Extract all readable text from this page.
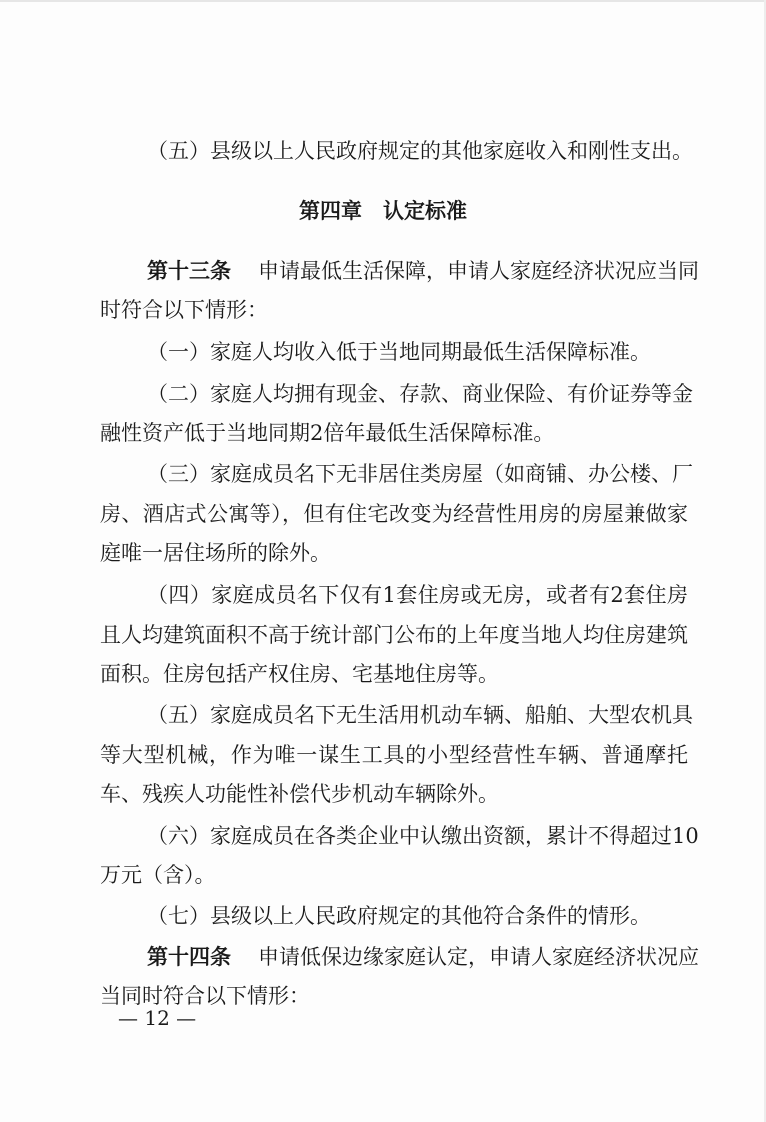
（五）县级以上人民政府规定的其他家庭收入和刚性支出。
第四章　认定标准
第十三条 申请最低生活保障，申请人家庭经济状况应当同
时符合以下情形：
（一）家庭人均收入低于当地同期最低生活保障标准。
（二）家庭人均拥有现金、存款、商业保险、有价证券等金
融性资产低于当地同期2倍年最低生活保障标准。
（三）家庭成员名下无非居住类房屋（如商铺、办公楼、厂
房、酒店式公寓等），但有住宅改变为经营性用房的房屋兼做家
庭唯一居住场所的除外。
（四）家庭成员名下仅有1套住房或无房，或者有2套住房
且人均建筑面积不高于统计部门公布的上年度当地人均住房建筑
面积。住房包括产权住房、宅基地住房等。
（五）家庭成员名下无生活用机动车辆、船舶、大型农机具
等大型机械，作为唯一谋生工具的小型经营性车辆、普通摩托
车、残疾人功能性补偿代步机动车辆除外。
（六）家庭成员在各类企业中认缴出资额，累计不得超过10
万元（含）。
（七）县级以上人民政府规定的其他符合条件的情形。
第十四条 申请低保边缘家庭认定，申请人家庭经济状况应
当同时符合以下情形：
— 12 —
